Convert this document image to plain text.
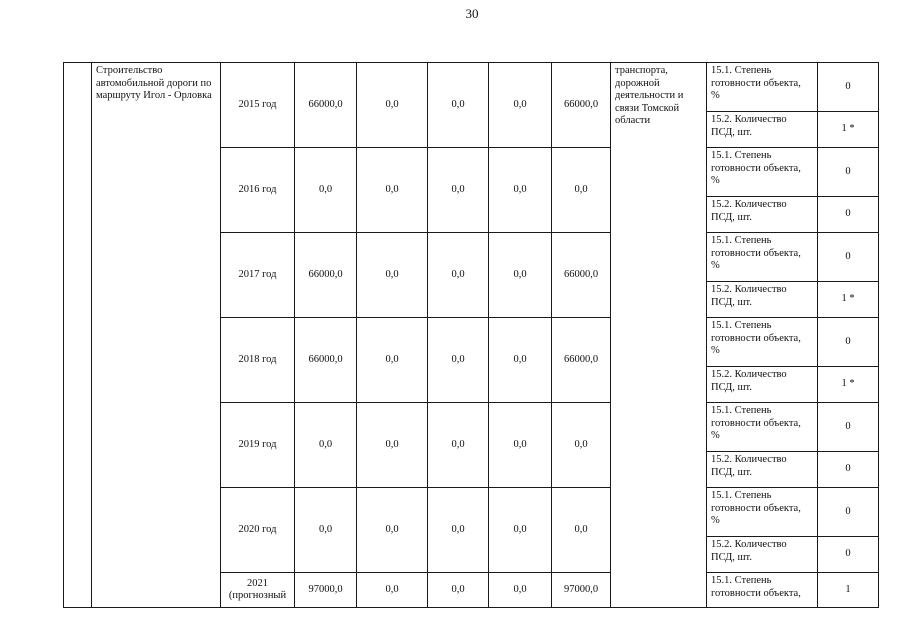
30
	Строительство
автомобильной дороги по
маршруту Игол - Орловка	2015 год	66000,0	0,0	0,0	0,0	66000,0	транспорта,
дорожной
деятельности и
связи Томской
области	15.1. Степень
готовности объекта,
%	0
									15.2. Количество
ПСД, шт.	1 *
		2016 год	0,0	0,0	0,0	0,0	0,0		15.1. Степень
готовности объекта,
%	0
									15.2. Количество
ПСД, шт.	0
		2017 год	66000,0	0,0	0,0	0,0	66000,0		15.1. Степень
готовности объекта,
%	0
									15.2. Количество
ПСД, шт.	1 *
		2018 год	66000,0	0,0	0,0	0,0	66000,0		15.1. Степень
готовности объекта,
%	0
									15.2. Количество
ПСД, шт.	1 *
		2019 год	0,0	0,0	0,0	0,0	0,0		15.1. Степень
готовности объекта,
%	0
									15.2. Количество
ПСД, шт.	0
		2020 год	0,0	0,0	0,0	0,0	0,0		15.1. Степень
готовности объекта,
%	0
									15.2. Количество
ПСД, шт.	0
		2021
(прогнозный	97000,0	0,0	0,0	0,0	97000,0		15.1. Степень
готовности объекта,	1
